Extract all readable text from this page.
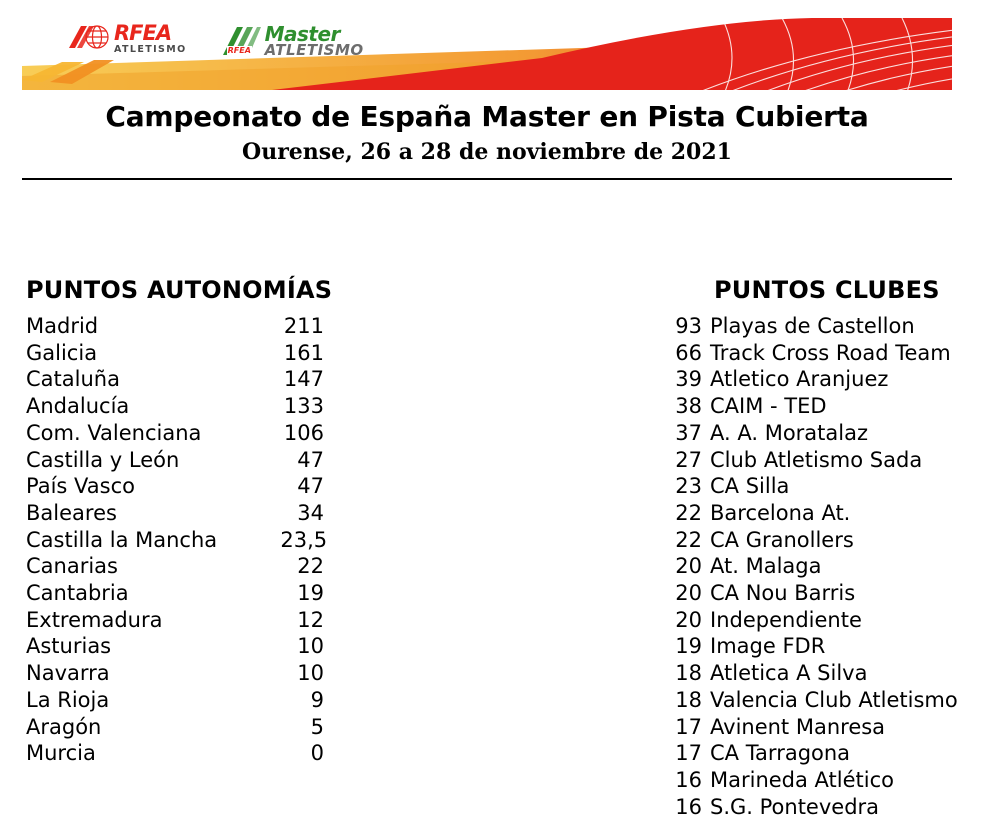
RFEA
ATLETISMO	RFEA
Master
ATLETISMO
Campeonato de España Master en Pista Cubierta
Ourense, 26 a 28 de noviembre de 2021
PUNTOS AUTONOMÍAS
Madrid	211
Galicia	161
Cataluña	147
Andalucía	133
Com. Valenciana	106
Castilla y León	47
País Vasco	47
Baleares	34
Castilla la Mancha	23,5
Canarias	22
Cantabria	19
Extremadura	12
Asturias	10
Navarra	10
La Rioja	9
Aragón	5
Murcia	0
PUNTOS CLUBES
93 Playas de Castellon
66 Track Cross Road Team
39 Atletico Aranjuez
38 CAIM - TED
37 A. A. Moratalaz
27 Club Atletismo Sada
23 CA Silla
22 Barcelona At.
22 CA Granollers
20 At. Malaga
20 CA Nou Barris
20 Independiente
19 Image FDR
18 Atletica A Silva
18 Valencia Club Atletismo
17 Avinent Manresa
17 CA Tarragona
16 Marineda Atlético
16 S.G. Pontevedra
